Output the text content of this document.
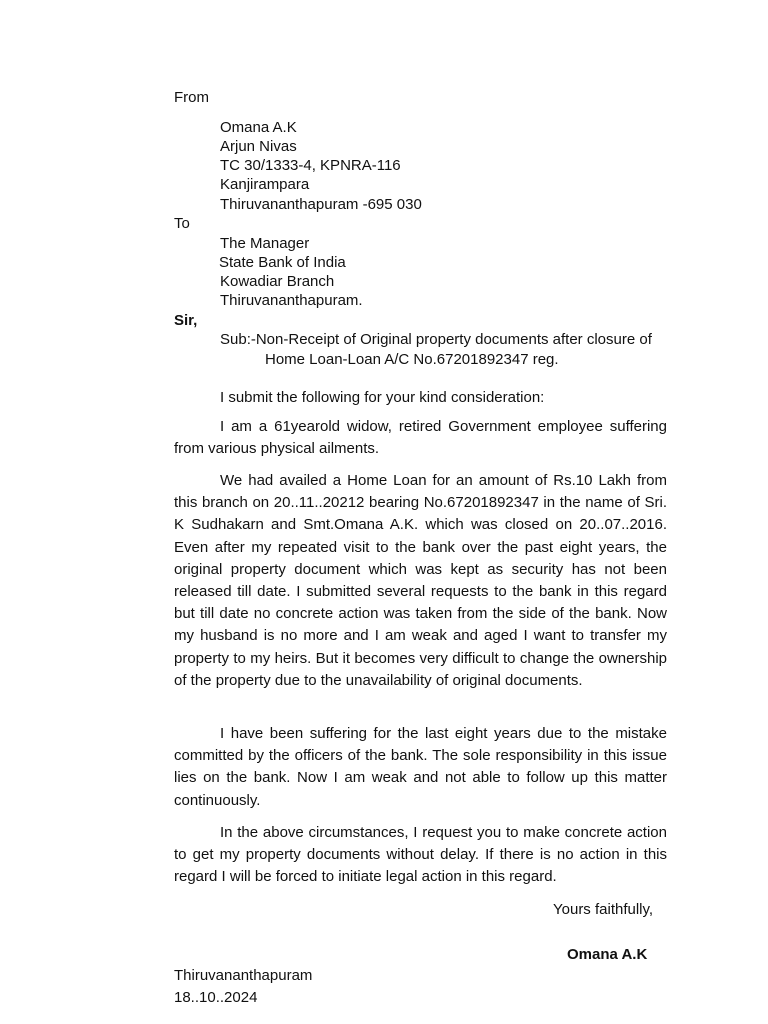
From
Omana A.K
Arjun Nivas
TC 30/1333-4, KPNRA-116
Kanjirampara
Thiruvananthapuram -695 030
To
The Manager
State Bank of India
Kowadiar Branch
Thiruvananthapuram.
Sir,
Sub:-Non-Receipt of Original property documents after closure of
Home Loan-Loan A/C No.67201892347 reg.
I submit the following for your kind consideration:

I am a 61yearold widow, retired Government employee suffering from various physical ailments.

We had availed a Home Loan for an amount of Rs.10 Lakh from this branch on 20..11..20212 bearing No.67201892347 in the name of Sri. K Sudhakarn and Smt.Omana A.K. which was closed on 20..07..2016. Even after my repeated visit to the bank over the past eight years, the original property document which was kept as security has not been released till date. I submitted several requests to the bank in this regard but till date no concrete action was taken from the side of the bank. Now my husband is no more and I am weak and aged I want to transfer my property to my heirs. But it becomes very difficult to change the ownership of the property due to the unavailability of original documents.

I have been suffering for the last eight years due to the mistake committed by the officers of the bank. The sole responsibility in this issue lies on the bank. Now I am weak and not able to follow up this matter continuously.

In the above circumstances, I request you to make concrete action to get my property documents without delay. If there is no action in this regard I will be forced to initiate legal action in this regard.

Yours faithfully,
Omana A.K
Thiruvananthapuram
18..10..2024
